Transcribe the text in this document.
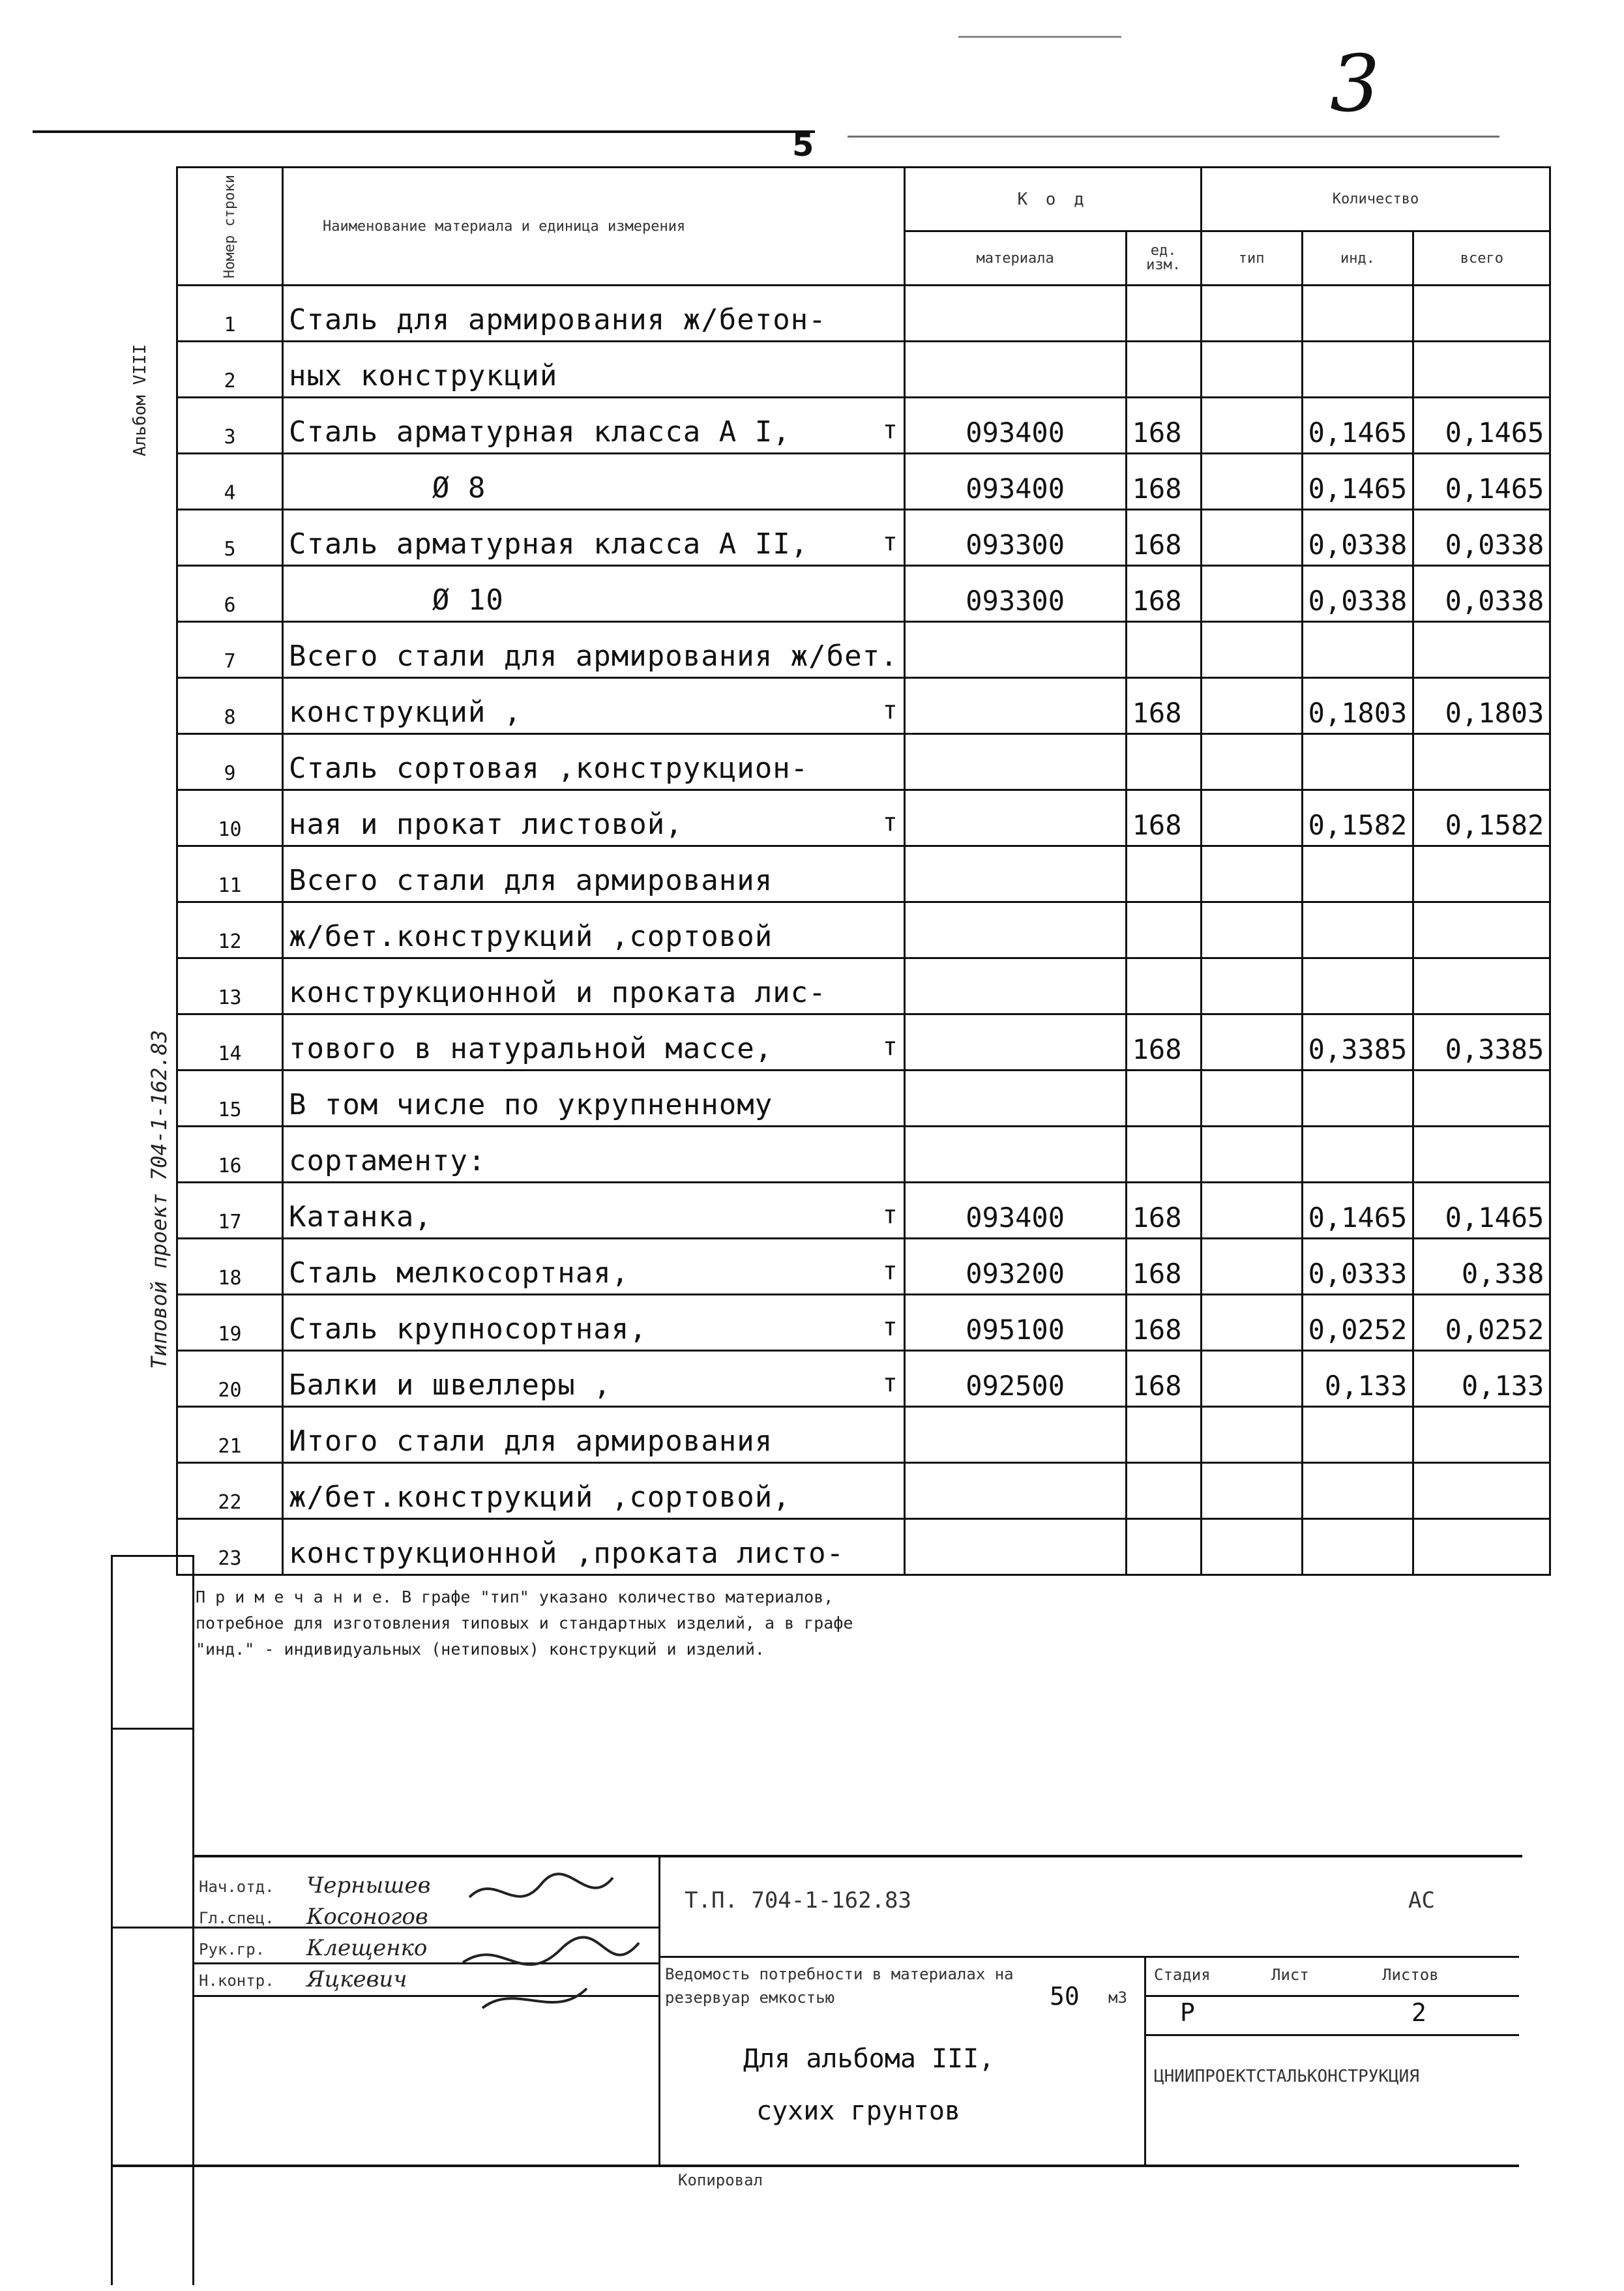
3
5
Альбом VIII
Типовой проект 704-1-162.83
Номер строки	Наименование материала и единица измерения	К о д		Количество		
		материала	ед. изм.	тип	инд.	всего
1	Сталь для армирования ж/бетон-

2	ных конструкций

3	Сталь арматурная класса А I, т	093400	168		0,1465	0,1465
4	Ø 8	093400	168		0,1465	0,1465
5	Сталь арматурная класса А II, т	093300	168		0,0338	0,0338
6	Ø 10	093300	168		0,0338	0,0338
7	Всего стали для армирования ж/бет.

8	конструкций , т		168		0,1803	0,1803
9	Сталь сортовая ,конструкцион-

10	ная и прокат листовой, т		168		0,1582	0,1582
11	Всего стали для армирования

12	ж/бет.конструкций ,сортовой

13	конструкционной и проката лис-

14	тового в натуральной массе, т		168		0,3385	0,3385
15	В том числе по укрупненному

16	сортаменту:

17	Катанка, т	093400	168		0,1465	0,1465
18	Сталь мелкосортная, т	093200	168		0,0333	0,338
19	Сталь крупносортная, т	095100	168		0,0252	0,0252
20	Балки и швеллеры , т	092500	168		0,133	0,133
21	Итого стали для армирования

22	ж/бет.конструкций ,сортовой,

23	конструкционной ,проката листо-

П р и м е ч а н и е. В графе "тип" указано количество материалов, потребное для изготовления типовых и стандартных изделий, а в графе "инд." - индивидуальных (нетиповых) конструкций и изделий.
Нач.отд.
Гл.спец.
Рук.гр.
Н.контр.
Чернышев
Косоногов
Клещенко
Яцкевич
Т.П. 704-1-162.83	АС
Ведомость потребности в материалах на резервуар емкостью	50 м3
Стадия	Лист	Листов
Р	2
Для альбома III,
сухих грунтов
ЦНИИПРОЕКТСТАЛЬКОНСТРУКЦИЯ
Копировал
